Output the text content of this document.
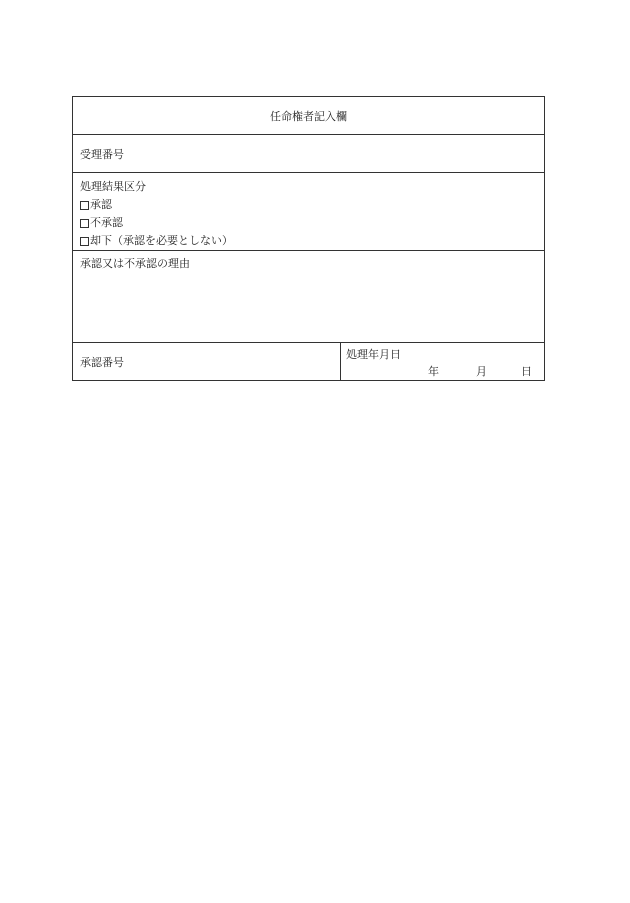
任命権者記入欄
受理番号
処理結果区分
承認
不承認
却下（承認を必要としない）
承認又は不承認の理由
承認番号
処理年月日
年	月	日
